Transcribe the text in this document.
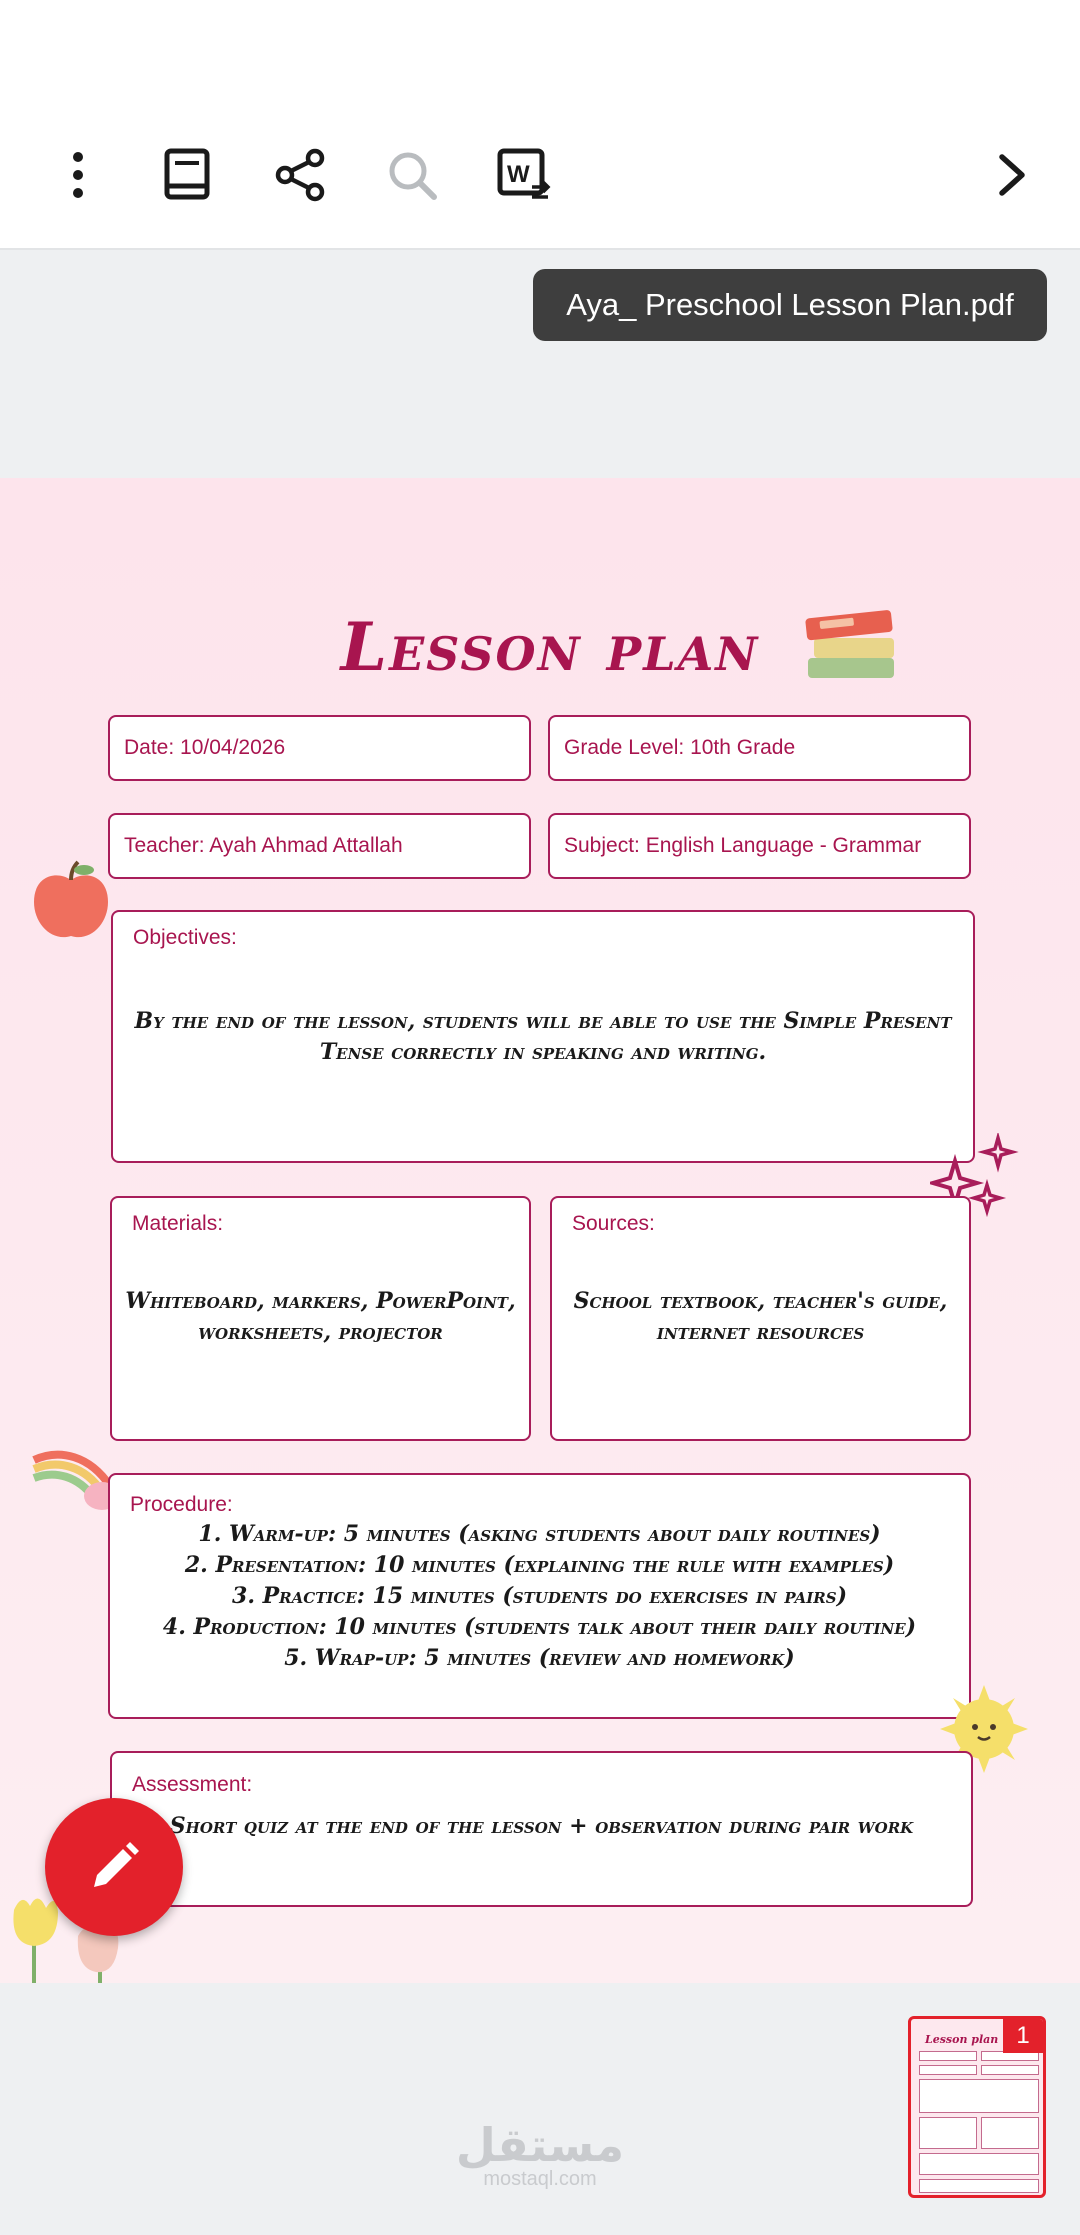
W
Aya_ Preschool Lesson Plan.pdf
Lesson plan
Date: 10/04/2026	Grade Level: 10th Grade
Teacher: Ayah Ahmad Attallah	Subject: English Language - Grammar
Objectives:
By the end of the lesson, students will be able to use the Simple Present Tense correctly in speaking and writing.
Materials:
Whiteboard, markers, PowerPoint, worksheets, projector
Sources:
School textbook, teacher's guide, internet resources
Procedure:
1. Warm-up: 5 minutes (asking students about daily routines)
2. Presentation: 10 minutes (explaining the rule with examples)
3. Practice: 15 minutes (students do exercises in pairs)
4. Production: 10 minutes (students talk about their daily routine)
5. Wrap-up: 5 minutes (review and homework)
Assessment:
Short quiz at the end of the lesson + observation during pair work
مستقل
mostaql.com
Lesson plan 1
